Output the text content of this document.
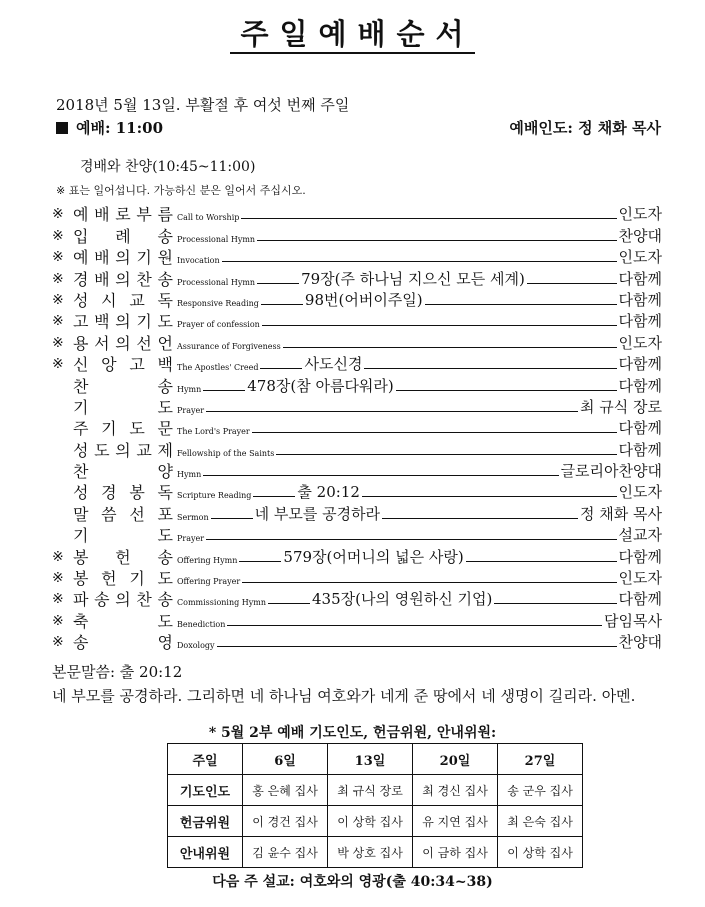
주일예배순서
2018년 5월 13일. 부활절 후 여섯 번째 주일
예배: 11:00	예배인도: 정 채화 목사
경배와 찬양(10:45~11:00)
※ 표는 일어섭니다. 가능하신 분은 일어서 주십시오.
※ 예 배 로 부 름 Call to Worship	인도자
※ 입 례 송 Processional Hymn	찬양대
※ 예 배 의 기 원 Invocation	인도자
※ 경 배 의 찬 송 Processional Hymn	79장(주 하나님 지으신 모든 세계)	다함께
※ 성 시 교 독 Responsive Reading	98번(어버이주일)	다함께
※ 고 백 의 기 도 Prayer of confession	다함께
※ 용 서 의 선 언 Assurance of Forgiveness	인도자
※ 신 앙 고 백 The Apostles' Creed	사도신경	다함께
찬	송 Hymn	478장(참 아름다워라)	다함께
기	도 Prayer	최 규식 장로
주 기 도 문 The Lord's Prayer	다함께
성 도 의 교 제 Fellowship of the Saints	다함께
찬	양 Hymn	글로리아찬양대
성 경 봉 독 Scripture Reading	출 20:12	인도자
말 씀 선 포 Sermon	네 부모를 공경하라	정 채화 목사
기	도 Prayer	설교자
※ 봉 헌 송 Offering Hymn	579장(어머니의 넓은 사랑)	다함께
※ 봉 헌 기 도 Offering Prayer	인도자
※ 파 송 의 찬 송 Commissioning Hymn	435장(나의 영원하신 기업)	다함께
※ 축	도 Benediction	담임목사
※ 송	영 Doxology	찬양대
본문말씀: 출 20:12
네 부모를 공경하라. 그리하면 네 하나님 여호와가 네게 준 땅에서 네 생명이 길리라. 아멘.
* 5월 2부 예배 기도인도, 헌금위원, 안내위원:
주일	6일	13일	20일	27일
기도인도	홍 은혜 집사	최 규식 장로	최 경신 집사	송 군우 집사
헌금위원	이 경건 집사	이 상학 집사	유 지연 집사	최 은숙 집사
안내위원	김 윤수 집사	박 상호 집사	이 금하 집사	이 상학 집사
다음 주 설교: 여호와의 영광(출 40:34~38)
